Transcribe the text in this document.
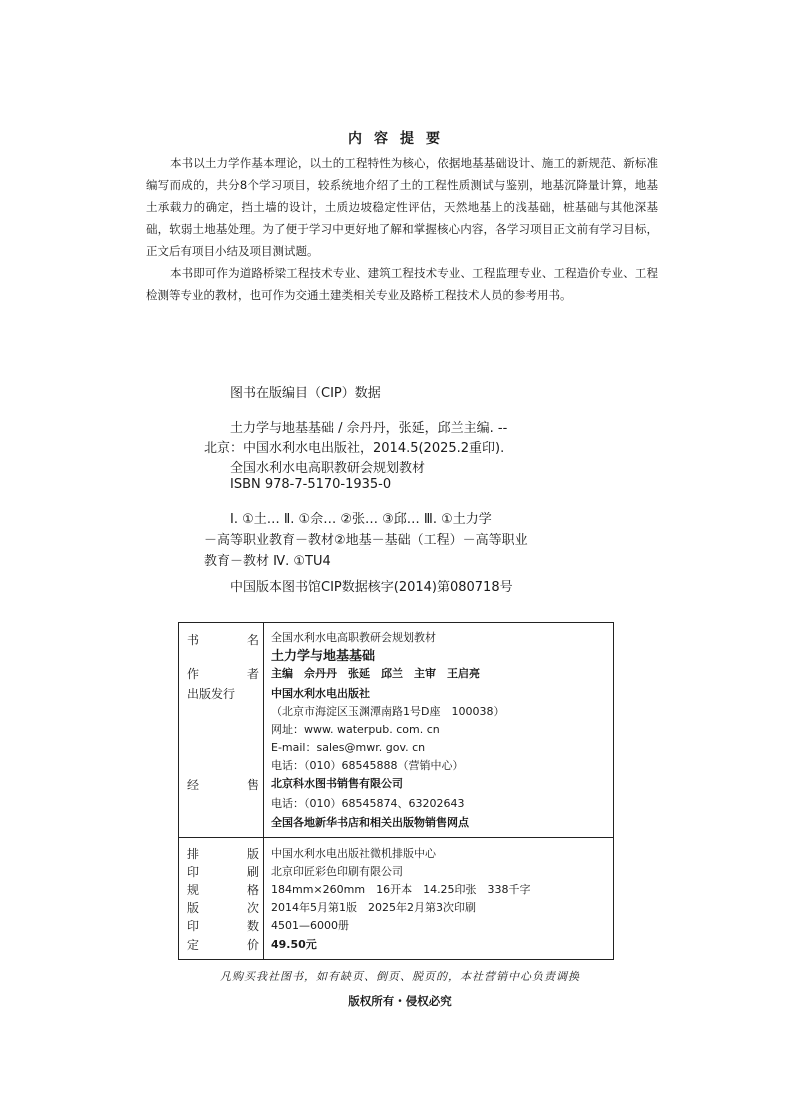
内容提要

本书以土力学作基本理论，以土的工程特性为核心，依据地基基础设计、施工的新规范、新标准编写而成的，共分8个学习项目，较系统地介绍了土的工程性质测试与鉴别，地基沉降量计算，地基土承载力的确定，挡土墙的设计，土质边坡稳定性评估，天然地基上的浅基础，桩基础与其他深基础，软弱土地基处理。为了便于学习中更好地了解和掌握核心内容，各学习项目正文前有学习目标，正文后有项目小结及项目测试题。

本书即可作为道路桥梁工程技术专业、建筑工程技术专业、工程监理专业、工程造价专业、工程检测等专业的教材，也可作为交通土建类相关专业及路桥工程技术人员的参考用书。

图书在版编目（CIP）数据
土力学与地基基础 / 佘丹丹，张延，邱兰主编. --
北京：中国水利水电出版社，2014.5(2025.2重印).
全国水利水电高职教研会规划教材
ISBN 978-7-5170-1935-0
Ⅰ. ①土… Ⅱ. ①佘… ②张… ③邱… Ⅲ. ①土力学
－高等职业教育－教材②地基－基础（工程）－高等职业
教育－教材 Ⅳ. ①TU4
中国版本图书馆CIP数据核字(2014)第080718号
书	名 全国水利水电高职教研会规划教材
土力学与地基基础
作	者 主编　佘丹丹　张延　邱兰　主审　王启亮
出版发行	中国水利水电出版社
（北京市海淀区玉渊潭南路1号D座　100038）
网址：www. waterpub. com. cn
E-mail：sales@mwr. gov. cn
电话：（010）68545888（营销中心）
经	售 北京科水图书销售有限公司
电话：（010）68545874、63202643
全国各地新华书店和相关出版物销售网点
排	版 中国水利水电出版社微机排版中心
印	刷 北京印匠彩色印刷有限公司
规	格 184mm×260mm　16开本　14.25印张　338千字
版	次 2014年5月第1版　2025年2月第3次印刷
印	数 4501—6000册
定	价 49.50元
凡购买我社图书，如有缺页、倒页、脱页的，本社营销中心负责调换
版权所有・侵权必究
